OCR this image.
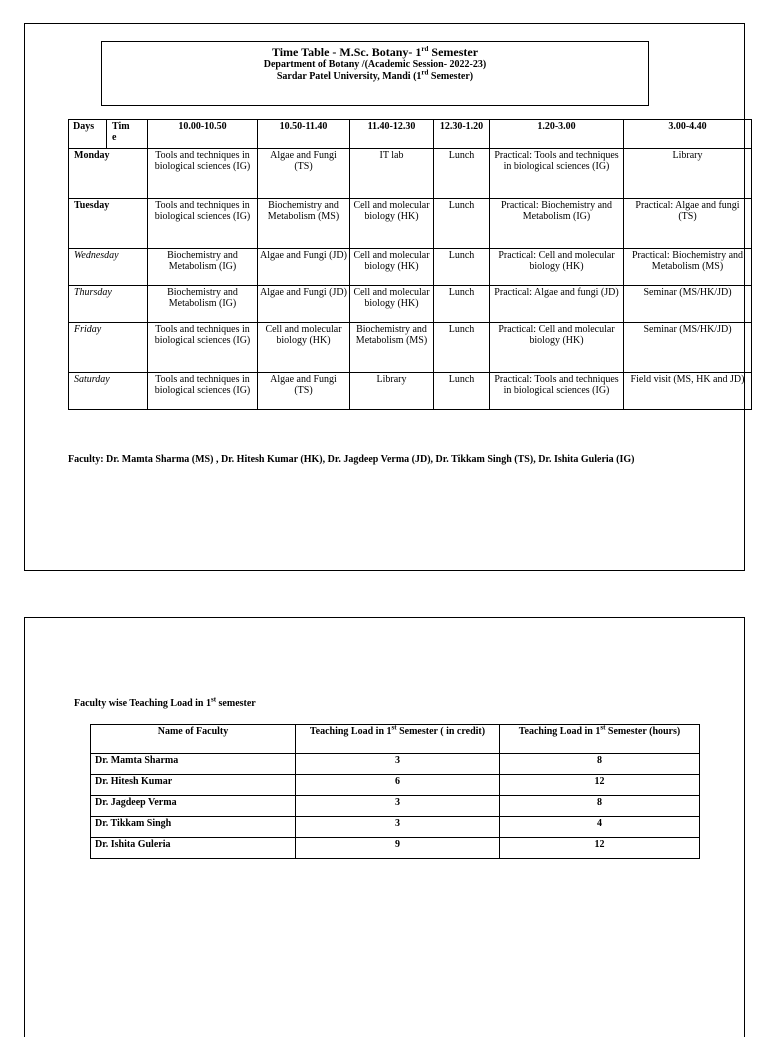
Time Table - M.Sc. Botany- 1rd Semester
Department of Botany /(Academic Session- 2022-23)
Sardar Patel University, Mandi (1rd Semester)
Days Time	10.00-10.50	10.50-11.40	11.40-12.30	12.30-1.20	1.20-3.00	3.00-4.40
Monday	Tools and techniques in biological sciences (IG)	Algae and Fungi (TS)	IT lab	Lunch	Practical: Tools and techniques in biological sciences (IG)	Library
Tuesday	Tools and techniques in biological sciences (IG)	Biochemistry and Metabolism (MS)	Cell and molecular biology (HK)	Lunch	Practical: Biochemistry and Metabolism (IG)	Practical: Algae and fungi (TS)
Wednesday	Biochemistry and Metabolism (IG)	Algae and Fungi (JD)	Cell and molecular biology (HK)	Lunch	Practical: Cell and molecular biology (HK)	Practical: Biochemistry and Metabolism (MS)
Thursday	Biochemistry and Metabolism (IG)	Algae and Fungi (JD)	Cell and molecular biology (HK)	Lunch	Practical: Algae and fungi (JD)	Seminar (MS/HK/JD)
Friday	Tools and techniques in biological sciences (IG)	Cell and molecular biology (HK)	Biochemistry and Metabolism (MS)	Lunch	Practical: Cell and molecular biology (HK)	Seminar (MS/HK/JD)
Saturday	Tools and techniques in biological sciences (IG)	Algae and Fungi (TS)	Library	Lunch	Practical: Tools and techniques in biological sciences (IG)	Field visit (MS, HK and JD)
Faculty: Dr. Mamta Sharma (MS) , Dr. Hitesh Kumar (HK), Dr. Jagdeep Verma (JD), Dr. Tikkam Singh (TS), Dr. Ishita Guleria (IG)
Faculty wise Teaching Load in 1st semester
Name of Faculty	Teaching Load in 1st Semester ( in credit)	Teaching Load in 1st Semester (hours)
Dr. Mamta Sharma	3	8
Dr. Hitesh Kumar	6	12
Dr. Jagdeep Verma	3	8
Dr. Tikkam Singh	3	4
Dr. Ishita Guleria	9	12
